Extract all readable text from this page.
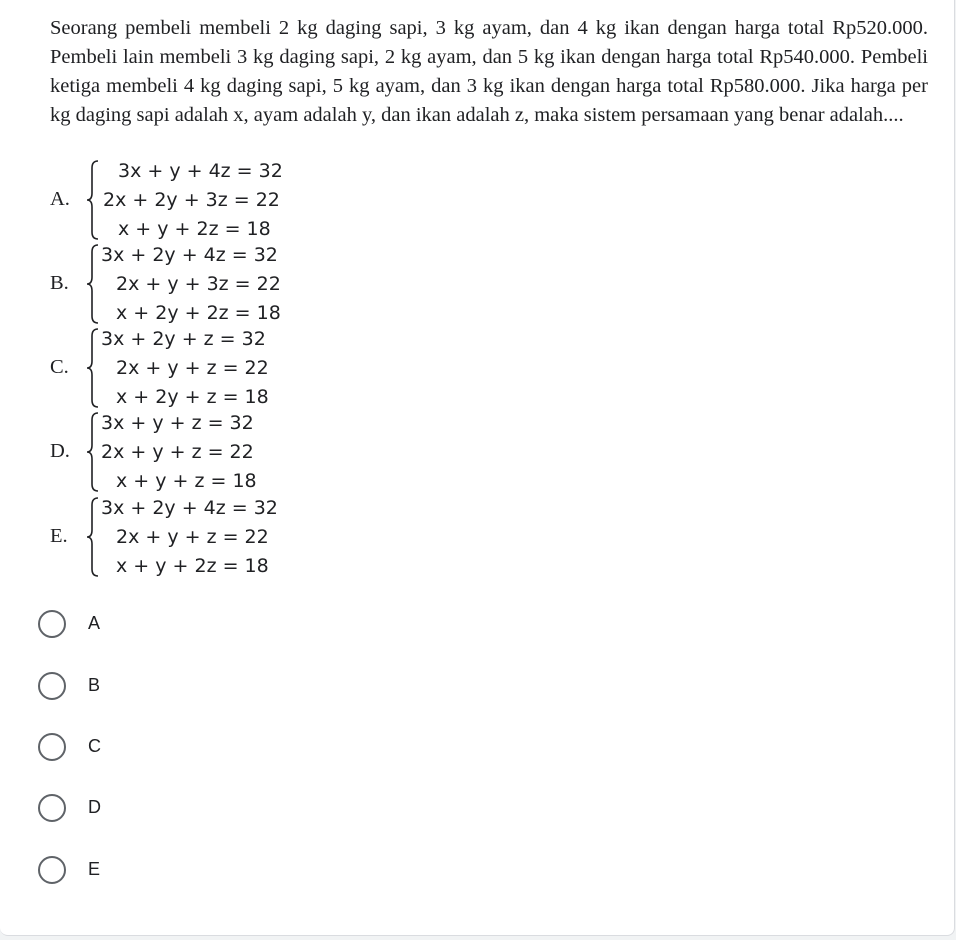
Seorang pembeli membeli 2 kg daging sapi, 3 kg ayam, dan 4 kg ikan dengan harga total Rp520.000. Pembeli lain membeli 3 kg daging sapi, 2 kg ayam, dan 5 kg ikan dengan harga total Rp540.000. Pembeli ketiga membeli 4 kg daging sapi, 5 kg ayam, dan 3 kg ikan dengan harga total Rp580.000. Jika harga per kg daging sapi adalah x, ayam adalah y, dan ikan adalah z, maka sistem persamaan yang benar adalah....
A.
3x + y + 4z = 32
2x + 2y + 3z = 22
x + y + 2z = 18
B.
3x + 2y + 4z = 32
2x + y + 3z = 22
x + 2y + 2z = 18
C.
3x + 2y + z = 32
2x + y + z = 22
x + 2y + z = 18
D.
3x + y + z = 32
2x + y + z = 22
x + y + z = 18
E.
3x + 2y + 4z = 32
2x + y + z = 22
x + y + 2z = 18
A
B
C
D
E
